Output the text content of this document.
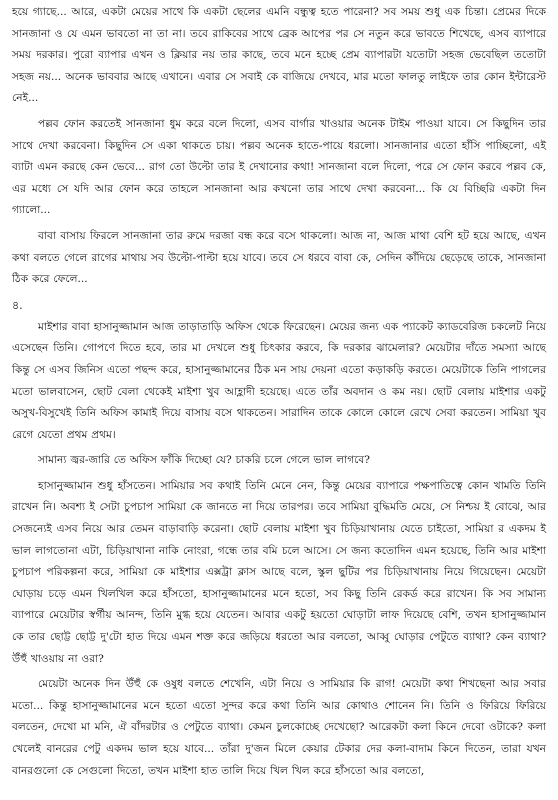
হয়ে গ্যাছে... আরে, একটা মেয়ের সাথে কি একটা ছেলের এমনি বন্ধুত্ব হতে পারেনা? সব সময় শুধু এক চিন্তা। প্রেমের দিকে সানজানা ও যে এমন ভাবতো না তা না। তবে রাকিবের সাথে ব্রেক আপের পর সে নতুন করে ভাবতে শিখেছে, এসব ব্যাপারে সময় দরকার। পুরো ব্যাপার এখন ও ক্লিয়ার নয় তার কাছে, তবে মনে হচ্ছে প্রেম ব্যাপারটা যতোটা সহজ ভেবেছিল ততোটা সহজ নয়... অনেক ভাববার আছে এখানে। এবার সে সবাই কে বাজিয়ে দেখবে, মার মতো ফালতু লাইফে তার কোন ইন্টারেস্ট নেই...

পল্লব ফোন করতেই সানজানা ধুম করে বলে দিলো, এসব বার্গার খাওয়ার অনেক টাইম পাওয়া যাবে। সে কিছুদিন তার সাথে দেখা করবেনা। কিছুদিন সে একা থাকতে চায়। পল্লব অনেক হাতে-পায়ে ধরলো। সানজানার এতো হাঁসি পাচ্ছিলো, এই ব্যাটা এমন করছে কেন ভেবে... রাগ তো উল্টো তার ই দেখানোর কথা! সানজানা বলে দিলো, পরে সে ফোন করবে পল্লব কে, এর মধ্যে সে যদি আর ফোন করে তাহলে সানজানা আর কখনো তার সাথে দেখা করবেনা... কি যে বিচ্ছিরি একটা দিন গ্যালো...

বাবা বাসায় ফিরলে সানজানা তার রুমে দরজা বন্ধ করে বসে থাকলো। আজ না, আজ মাথা বেশি হট হয়ে আছে, এখন কথা বলতে গেলে রাগের মাথায় সব উল্টো-পাল্টা হয়ে যাবে। তবে সে ধরবে বাবা কে, সেদিন কাঁদিয়ে ছেড়েছে তাকে, সানজানা ঠিক করে ফেলে...

৪.

মাইশার বাবা হাসানুজ্জামান আজ তাড়াতাড়ি অফিস থেকে ফিরেছেন। মেয়ের জন্য এক প্যাকেট ক্যাডবেরিজ চকলেট নিয়ে এসেছেন তিনি। গোপণে দিতে হবে, তার মা দেখলে শুধু চিৎকার করবে, কি দরকার ঝামেলার? মেয়েটার দাঁতে সমস্যা আছে কিন্তু সে এসব জিনিস এতো পছন্দ করে, হাসানুজ্জামানের ঠিক মন সায় দেয়না এতো কড়াকড়ি করতে। মেয়েটাকে তিনি পাগলের মতো ভালবাসেন, ছোট বেলা থেকেই মাইশা খুব আহ্লাদী হয়েছে। এতে তাঁর অবদান ও কম নয়। ছোট বেলায় মাইশার একটু অসুখ-বিসুখেই তিনি অফিস কামাই দিয়ে বাসায় বসে থাকতেন। সারাদিন তাকে কোলে কোলে রেখে সেবা করতেন। সামিয়া খুব রেগে যেতো প্রথম প্রথম।

সামান্য জ্বর-জারি তে অফিস ফাঁকি দিচ্ছো যে? চাকরি চলে গেলে ভাল লাগবে?

হাসানুজ্জামান শুধু হাঁসতেন। সামিয়ার সব কথাই তিনি মেনে নেন, কিন্তু মেয়ের ব্যাপারে পক্ষপাতিত্বে কোন খামতি তিনি রাখেন নি। অবশ্য ই সেটা চুপচাপ সামিয়া কে জানতে না দিয়ে তারপর। তবে সামিয়া বুদ্ধিমতি মেয়ে, সে নিশ্চয় ই বোঝে, আর সেজন্যেই এসব নিয়ে আর তেমন বাড়াবাড়ি করেনা। ছোট বেলায় মাইশা খুব চিড়িয়াখানায় যেতে চাইতো, সামিয়া র একদম ই ভাল লাগতোনা এটা, চিড়িয়াখানা নাকি নোংরা, গন্ধে তার বমি চলে আসে। সে জন্য কতোদিন এমন হয়েছে, তিনি আর মাইশা চুপচাপ পরিকল্পনা করে, সামিয়া কে মাইশার এক্সট্রা ক্লাস আছে বলে, স্কুল ছুটির পর চিড়িয়াখানায় নিয়ে গিয়েছেন। মেয়েটা ঘোড়ায় চড়ে এমন খিলখিল করে হাঁসতো, হাসানুজ্জামানের মনে হতো, সব কিছু তিনি রেকর্ড করে রাখেন। কি সব সামান্য ব্যাপারে মেয়েটার স্বর্গীয় আনন্দ, তিনি মুগ্ধ হয়ে যেতেন। আবার একটু হয়তো ঘোড়াটা লাফ দিয়েছে বেশি, তখন হাসানুজ্জামান কে তার ছোট্ট ছোট্ট দু'টো হাত দিয়ে এমন শক্ত করে জড়িয়ে ধরতো আর বলতো, আব্বু ঘোড়ার পেটুতে ব্যাথা? কেন ব্যাথা? উঁহুঁ খাওয়ায় না ওরা?

মেয়েটা অনেক দিন উঁহুঁ কে ওষুধ বলতে শেখেনি, এটা নিয়ে ও সামিয়ার কি রাগ! মেয়েটা কথা শিখছেনা আর সবার মতো... কিন্তু হাসানুজ্জামানের মনে হতো এতো সুন্দর করে কথা তিনি আর কোথাও শোনেন নি। তিনি ও ফিরিয়ে ফিরিয়ে বলতেন, দেখো মা মনি, ঐ বাঁদরটার ও পেটুতে ব্যাথা। কেমন চুলকোচ্ছে দেখেছো? আরেকটা কলা কিনে দেবো ওটাকে? কলা খেলেই বানরের পেটু একদম ভাল হয়ে যাবে... তাঁরা দু'জন মিলে কেয়ার টেকার দের কলা-বাদাম কিনে দিতেন, তারা যখন বানরগুলো কে সেগুলো দিতো, তখন মাইশা হাত তালি দিয়ে খিল খিল করে হাঁসতো আর বলতো,
